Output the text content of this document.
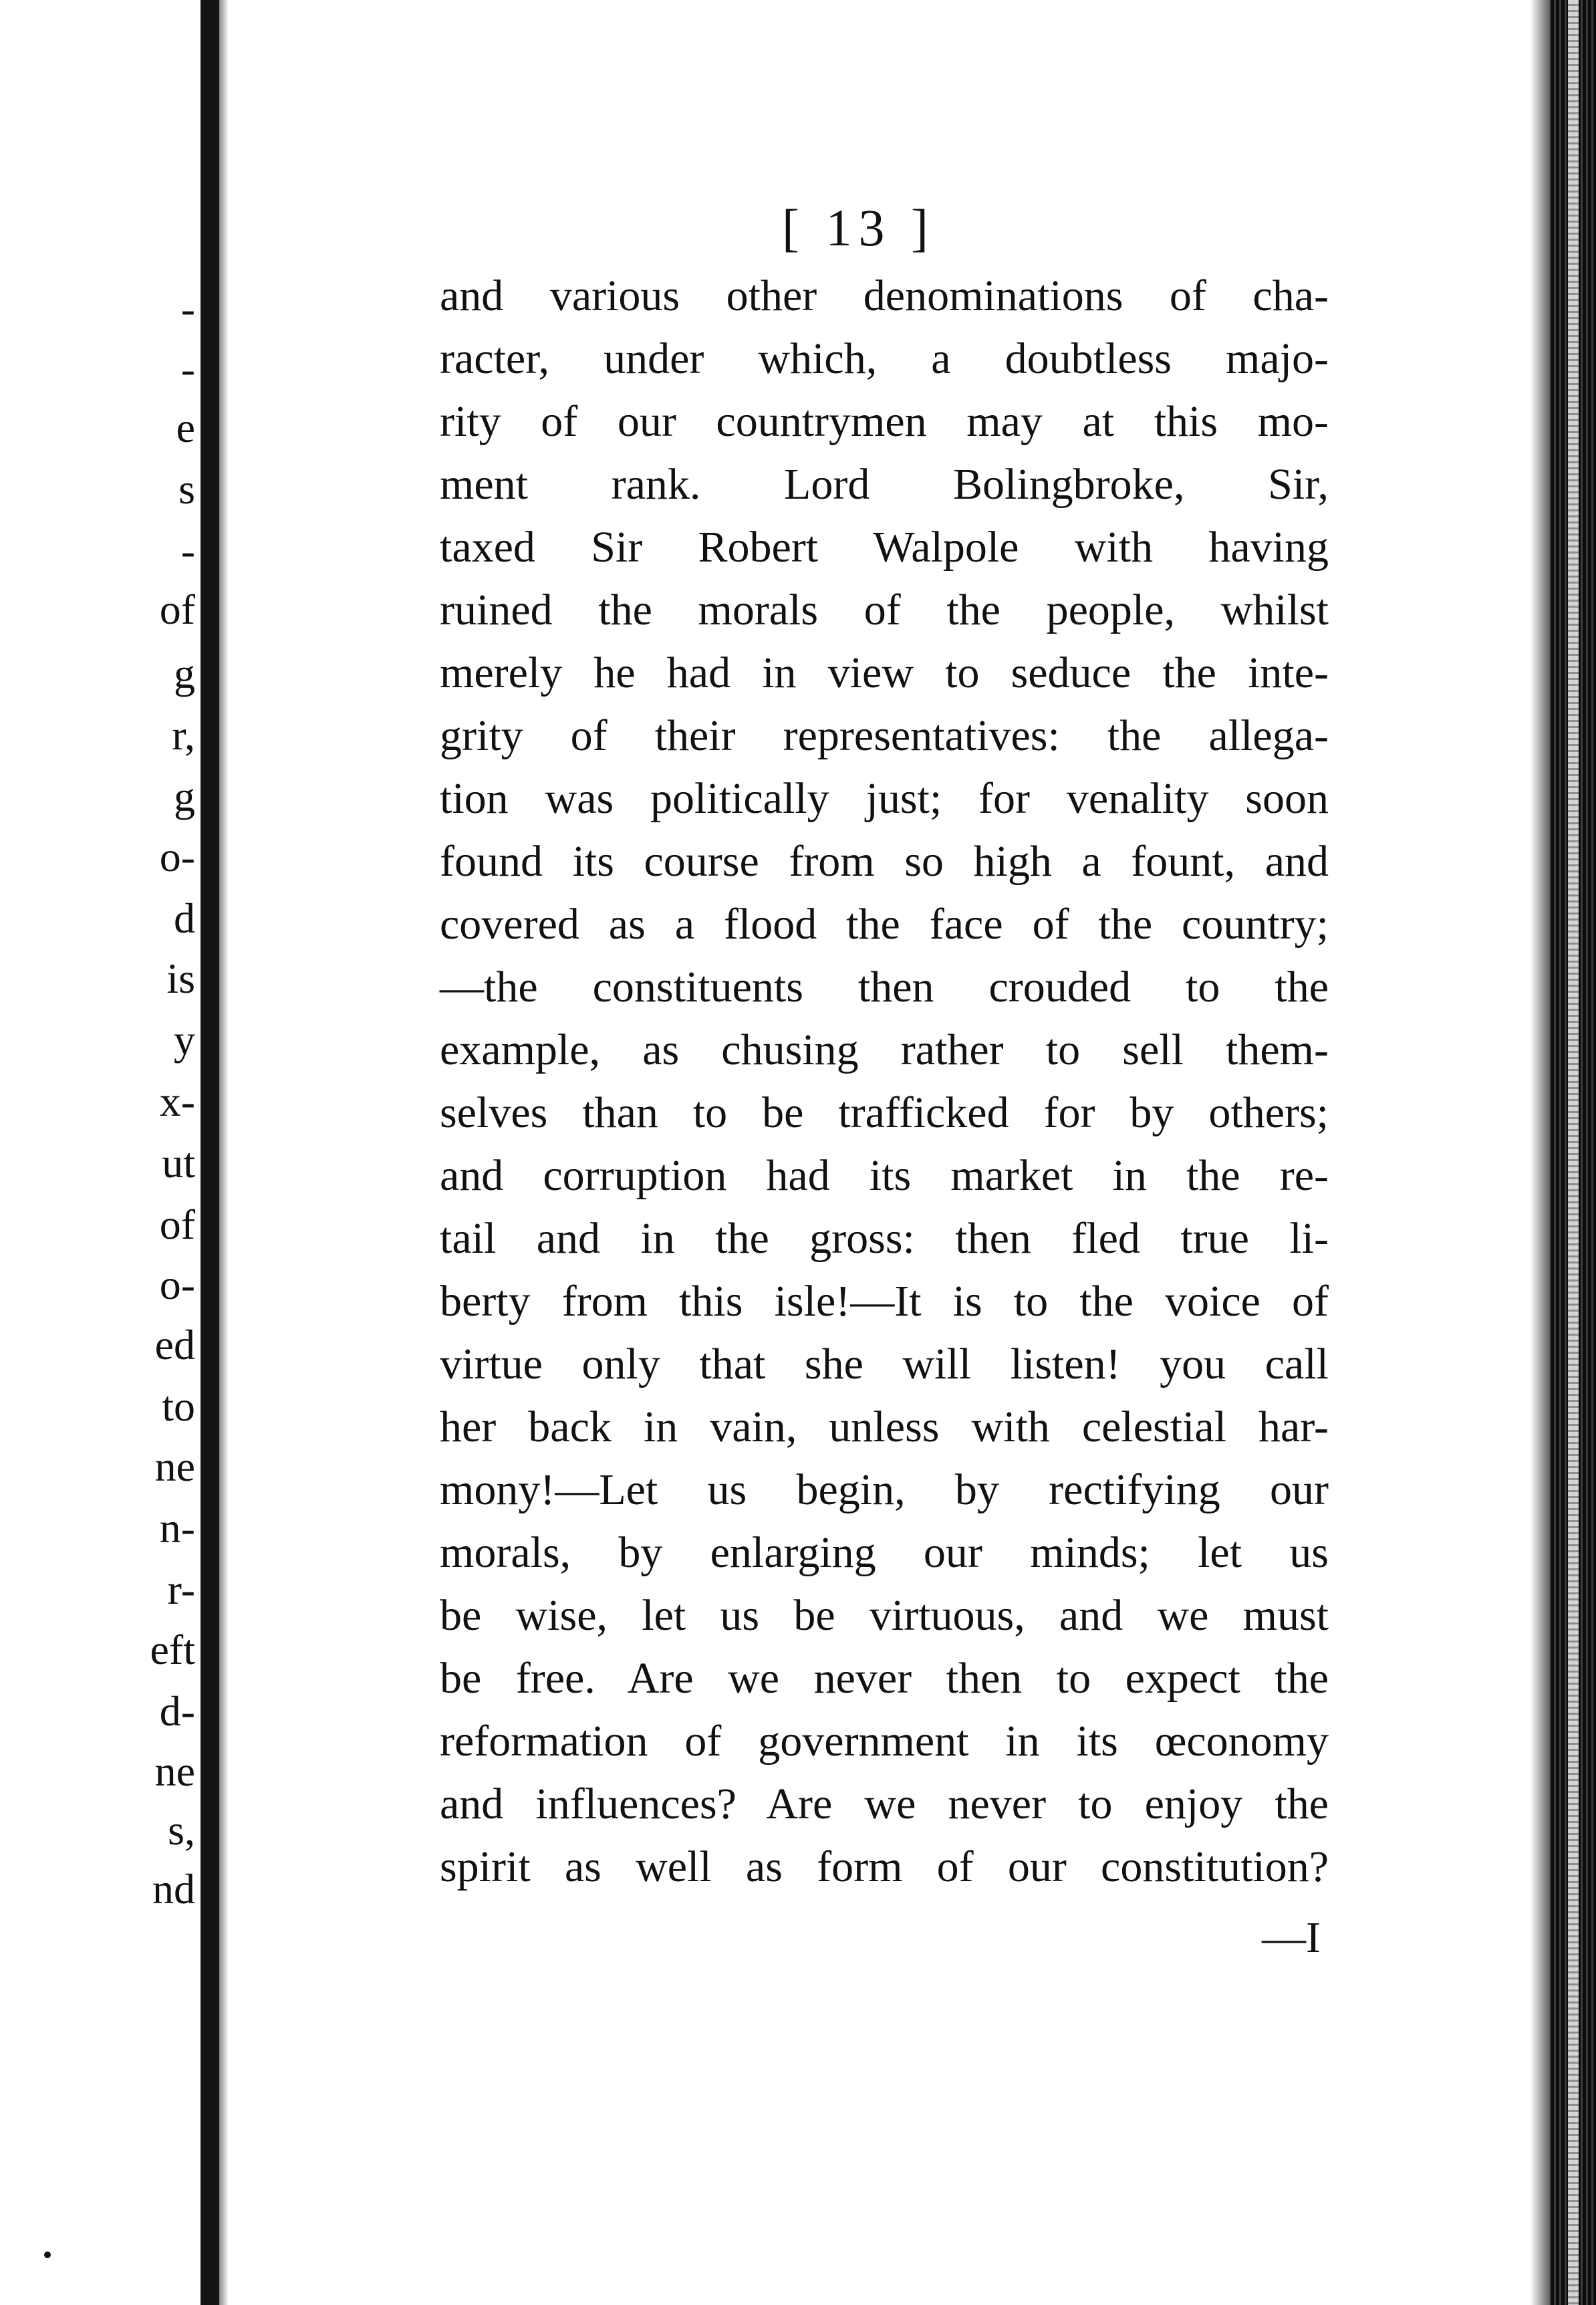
-
-
e
s
-
of
g
r,
g
o-
d
is
y
x-
ut
of
o-
ed
to
ne
n-
r-
eft
d-
ne
s,
nd
[ 13 ]
and various other denominations of cha-
racter, under which, a doubtless majo-
rity of our countrymen may at this mo-
ment rank. Lord Bolingbroke, Sir,
taxed Sir Robert Walpole with having
ruined the morals of the people, whilst
merely he had in view to seduce the inte-
grity of their representatives: the allega-
tion was politically just; for venality soon
found its course from so high a fount, and
covered as a flood the face of the country;
—the constituents then crouded to the
example, as chusing rather to sell them-
selves than to be trafficked for by others;
and corruption had its market in the re-
tail and in the gross: then fled true li-
berty from this isle!—It is to the voice of
virtue only that she will listen! you call
her back in vain, unless with celestial har-
mony!—Let us begin, by rectifying our
morals, by enlarging our minds; let us
be wise, let us be virtuous, and we must
be free. Are we never then to expect the
reformation of government in its œconomy
and influences? Are we never to enjoy the
spirit as well as form of our constitution?
—I
